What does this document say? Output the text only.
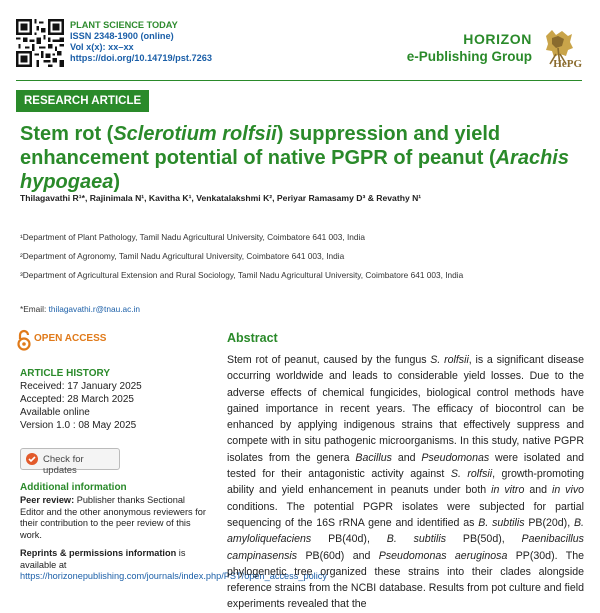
PLANT SCIENCE TODAY
ISSN 2348-1900 (online)
Vol x(x): xx–xx
https://doi.org/10.14719/pst.7263
HORIZON
e-Publishing Group HePG
RESEARCH ARTICLE
Stem rot (Sclerotium rolfsii) suppression and yield enhancement potential of native PGPR of peanut (Arachis hypogaea)
Thilagavathi R¹*, Rajinimala N¹, Kavitha K¹, Venkatalakshmi K², Periyar Ramasamy D³ & Revathy N¹
¹Department of Plant Pathology, Tamil Nadu Agricultural University, Coimbatore 641 003, India
²Department of Agronomy, Tamil Nadu Agricultural University, Coimbatore 641 003, India
³Department of Agricultural Extension and Rural Sociology, Tamil Nadu Agricultural University, Coimbatore 641 003, India
*Email: thilagavathi.r@tnau.ac.in
OPEN ACCESS
ARTICLE HISTORY
Received: 17 January 2025
Accepted: 28 March 2025
Available online
Version 1.0 : 08 May 2025
Check for updates
Additional information
Peer review: Publisher thanks Sectional Editor and the other anonymous reviewers for their contribution to the peer review of this work.
Reprints & permissions information is available at https://horizonepublishing.com/journals/index.php/PST/open_access_policy
Abstract
Stem rot of peanut, caused by the fungus S. rolfsii, is a significant disease occurring worldwide and leads to considerable yield losses. Due to the adverse effects of chemical fungicides, biological control methods have gained importance in recent years. The efficacy of biocontrol can be enhanced by applying indigenous strains that effectively suppress and compete with in situ pathogenic microorganisms. In this study, native PGPR isolates from the genera Bacillus and Pseudomonas were isolated and tested for their antagonistic activity against S. rolfsii, growth-promoting ability and yield enhancement in peanuts under both in vitro and in vivo conditions. The potential PGPR isolates were subjected for partial sequencing of the 16S rRNA gene and identified as B. subtilis PB(20d), B. amyloliquefaciens PB(40d), B. subtilis PB(50d), Paenibacillus campinasensis PB(60d) and Pseudomonas aeruginosa PP(30d). The phylogenetic tree organized these strains into their clades alongside reference strains from the NCBI database. Results from pot culture and field experiments revealed that the
